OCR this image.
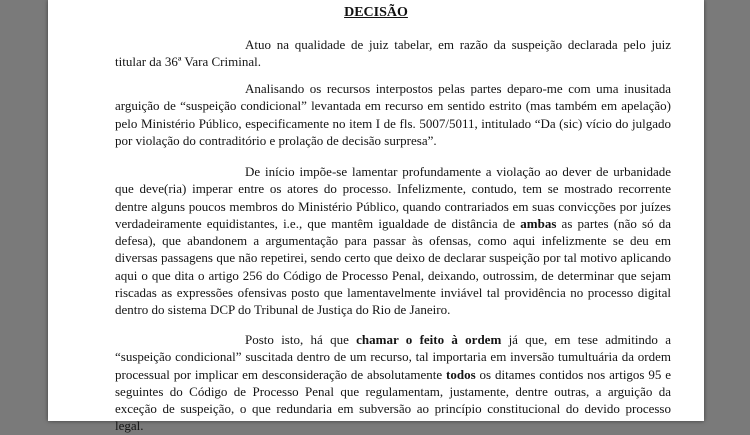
DECISÃO
Atuo na qualidade de juiz tabelar, em razão da suspeição declarada pelo juiz titular da 36ª Vara Criminal.
Analisando os recursos interpostos pelas partes deparo-me com uma inusitada arguição de “suspeição condicional” levantada em recurso em sentido estrito (mas também em apelação) pelo Ministério Público, especificamente no item I de fls. 5007/5011, intitulado “Da (sic) vício do julgado por violação do contraditório e prolação de decisão surpresa”.
De início impõe-se lamentar profundamente a violação ao dever de urbanidade que deve(ria) imperar entre os atores do processo. Infelizmente, contudo, tem se mostrado recorrente dentre alguns poucos membros do Ministério Público, quando contrariados em suas convicções por juízes verdadeiramente equidistantes, i.e., que mantêm igualdade de distância de ambas as partes (não só da defesa), que abandonem a argumentação para passar às ofensas, como aqui infelizmente se deu em diversas passagens que não repetirei, sendo certo que deixo de declarar suspeição por tal motivo aplicando aqui o que dita o artigo 256 do Código de Processo Penal, deixando, outrossim, de determinar que sejam riscadas as expressões ofensivas posto que lamentavelmente inviável tal providência no processo digital dentro do sistema DCP do Tribunal de Justiça do Rio de Janeiro.
Posto isto, há que chamar o feito à ordem já que, em tese admitindo a “suspeição condicional” suscitada dentro de um recurso, tal importaria em inversão tumultuária da ordem processual por implicar em desconsideração de absolutamente todos os ditames contidos nos artigos 95 e seguintes do Código de Processo Penal que regulamentam, justamente, dentre outras, a arguição da exceção de suspeição, o que redundaria em subversão ao princípio constitucional do devido processo legal.
